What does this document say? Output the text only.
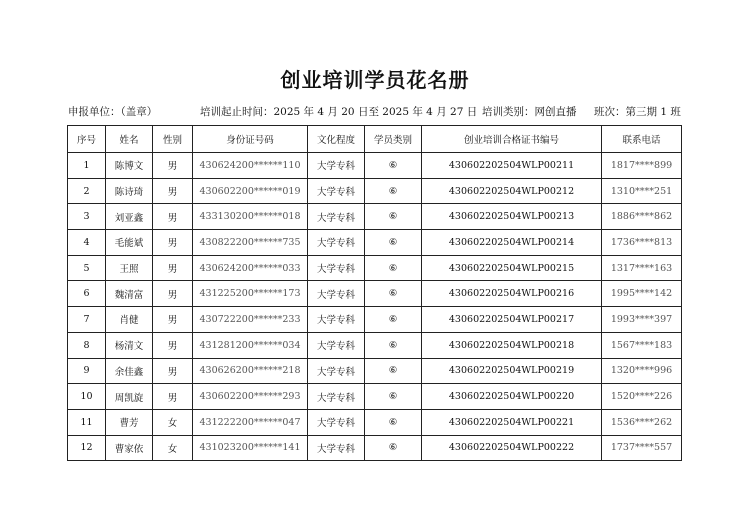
创业培训学员花名册
申报单位：（盖章）	培训起止时间：2025 年 4 月 20 日至 2025 年 4 月 27 日 培训类别：网创直播 班次：第三期 1 班
序号	姓名	性别	身份证号码	文化程度	学员类别	创业培训合格证书编号	联系电话
1	陈博文	男	430624200******110	大学专科	⑥	430602202504WLP00211	1817****899
2	陈诗琦	男	430602200******019	大学专科	⑥	430602202504WLP00212	1310****251
3	刘亚鑫	男	433130200******018	大学专科	⑥	430602202504WLP00213	1886****862
4	毛能斌	男	430822200******735	大学专科	⑥	430602202504WLP00214	1736****813
5	王照	男	430624200******033	大学专科	⑥	430602202504WLP00215	1317****163
6	魏清富	男	431225200******173	大学专科	⑥	430602202504WLP00216	1995****142
7	肖健	男	430722200******233	大学专科	⑥	430602202504WLP00217	1993****397
8	杨清文	男	431281200******034	大学专科	⑥	430602202504WLP00218	1567****183
9	余佳鑫	男	430626200******218	大学专科	⑥	430602202504WLP00219	1320****996
10	周凯旋	男	430602200******293	大学专科	⑥	430602202504WLP00220	1520****226
11	曹芳	女	431222200******047	大学专科	⑥	430602202504WLP00221	1536****262
12	曹家依	女	431023200******141	大学专科	⑥	430602202504WLP00222	1737****557
